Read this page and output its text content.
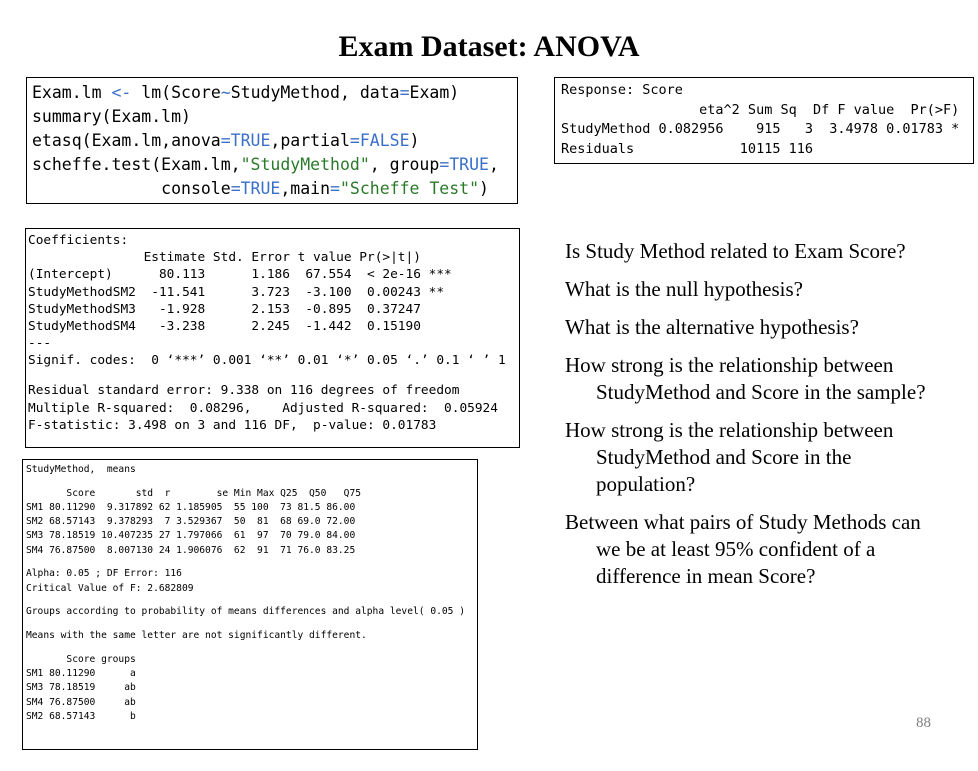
Exam Dataset: ANOVA
Exam.lm <- lm(Score~StudyMethod, data=Exam)
summary(Exam.lm)
etasq(Exam.lm,anova=TRUE,partial=FALSE)
scheffe.test(Exam.lm,"StudyMethod", group=TRUE,
console=TRUE,main="Scheffe Test")
Response: Score
eta^2 Sum Sq  Df F value  Pr(>F)
StudyMethod 0.082956    915   3  3.4978 0.01783 *
Residuals             10115 116
Coefficients:
Estimate Std. Error t value Pr(>|t|)
(Intercept)      80.113      1.186  67.554  < 2e-16 ***
StudyMethodSM2  -11.541      3.723  -3.100  0.00243 **
StudyMethodSM3   -1.928      2.153  -0.895  0.37247
StudyMethodSM4   -3.238      2.245  -1.442  0.15190
---
Signif. codes:  0 ‘***’ 0.001 ‘**’ 0.01 ‘*’ 0.05 ‘.’ 0.1 ‘ ’ 1
Residual standard error: 9.338 on 116 degrees of freedom
Multiple R-squared:  0.08296,    Adjusted R-squared:  0.05924
F-statistic: 3.498 on 3 and 116 DF,  p-value: 0.01783
StudyMethod,  means
Score       std  r        se Min Max Q25  Q50   Q75
SM1 80.11290  9.317892 62 1.185905  55 100  73 81.5 86.00
SM2 68.57143  9.378293  7 3.529367  50  81  68 69.0 72.00
SM3 78.18519 10.407235 27 1.797066  61  97  70 79.0 84.00
SM4 76.87500  8.007130 24 1.906076  62  91  71 76.0 83.25
Alpha: 0.05 ; DF Error: 116
Critical Value of F: 2.682809
Groups according to probability of means differences and alpha level( 0.05 )
Means with the same letter are not significantly different.
Score groups
SM1 80.11290      a
SM3 78.18519     ab
SM4 76.87500     ab
SM2 68.57143      b
Is Study Method related to Exam Score?
What is the null hypothesis?
What is the alternative hypothesis?
How strong is the relationship between StudyMethod and Score in the sample?
How strong is the relationship between StudyMethod and Score in the population?
Between what pairs of Study Methods can we be at least 95% confident of a difference in mean Score?
88
